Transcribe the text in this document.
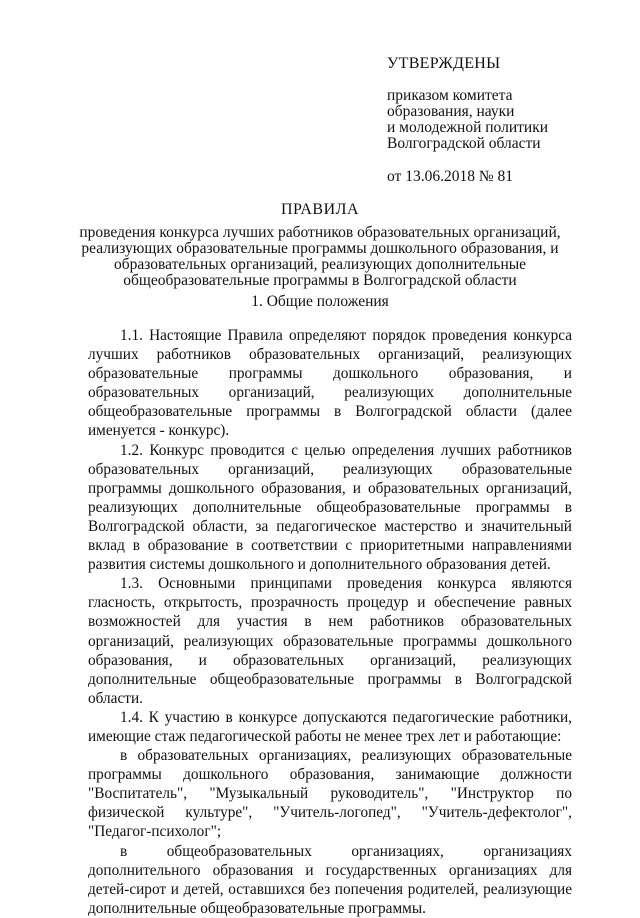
УТВЕРЖДЕНЫ
приказом комитета
образования, науки
и молодежной политики
Волгоградской области
от 13.06.2018 № 81
ПРАВИЛА
проведения конкурса лучших работников образовательных организаций,
реализующих образовательные программы дошкольного образования, и
образовательных организаций, реализующих дополнительные
общеобразовательные программы в Волгоградской области
1. Общие положения

1.1. Настоящие Правила определяют порядок проведения конкурса лучших работников образовательных организаций, реализующих образовательные программы дошкольного образования, и образовательных организаций, реализующих дополнительные общеобразовательные программы в Волгоградской области (далее именуется - конкурс).

1.2. Конкурс проводится с целью определения лучших работников образовательных организаций, реализующих образовательные программы дошкольного образования, и образовательных организаций, реализующих дополнительные общеобразовательные программы в Волгоградской области, за педагогическое мастерство и значительный вклад в образование в соответствии с приоритетными направлениями развития системы дошкольного и дополнительного образования детей.

1.3. Основными принципами проведения конкурса являются гласность, открытость, прозрачность процедур и обеспечение равных возможностей для участия в нем работников образовательных организаций, реализующих образовательные программы дошкольного образования, и образовательных организаций, реализующих дополнительные общеобразовательные программы в Волгоградской области.

1.4. К участию в конкурсе допускаются педагогические работники, имеющие стаж педагогической работы не менее трех лет и работающие:

в образовательных организациях, реализующих образовательные программы дошкольного образования, занимающие должности "Воспитатель", "Музыкальный руководитель", "Инструктор по физической культуре", "Учитель-логопед", "Учитель-дефектолог", "Педагог-психолог";

в общеобразовательных организациях, организациях дополнительного образования и государственных организациях для детей-сирот и детей, оставшихся без попечения родителей, реализующие дополнительные общеобразовательные программы.
